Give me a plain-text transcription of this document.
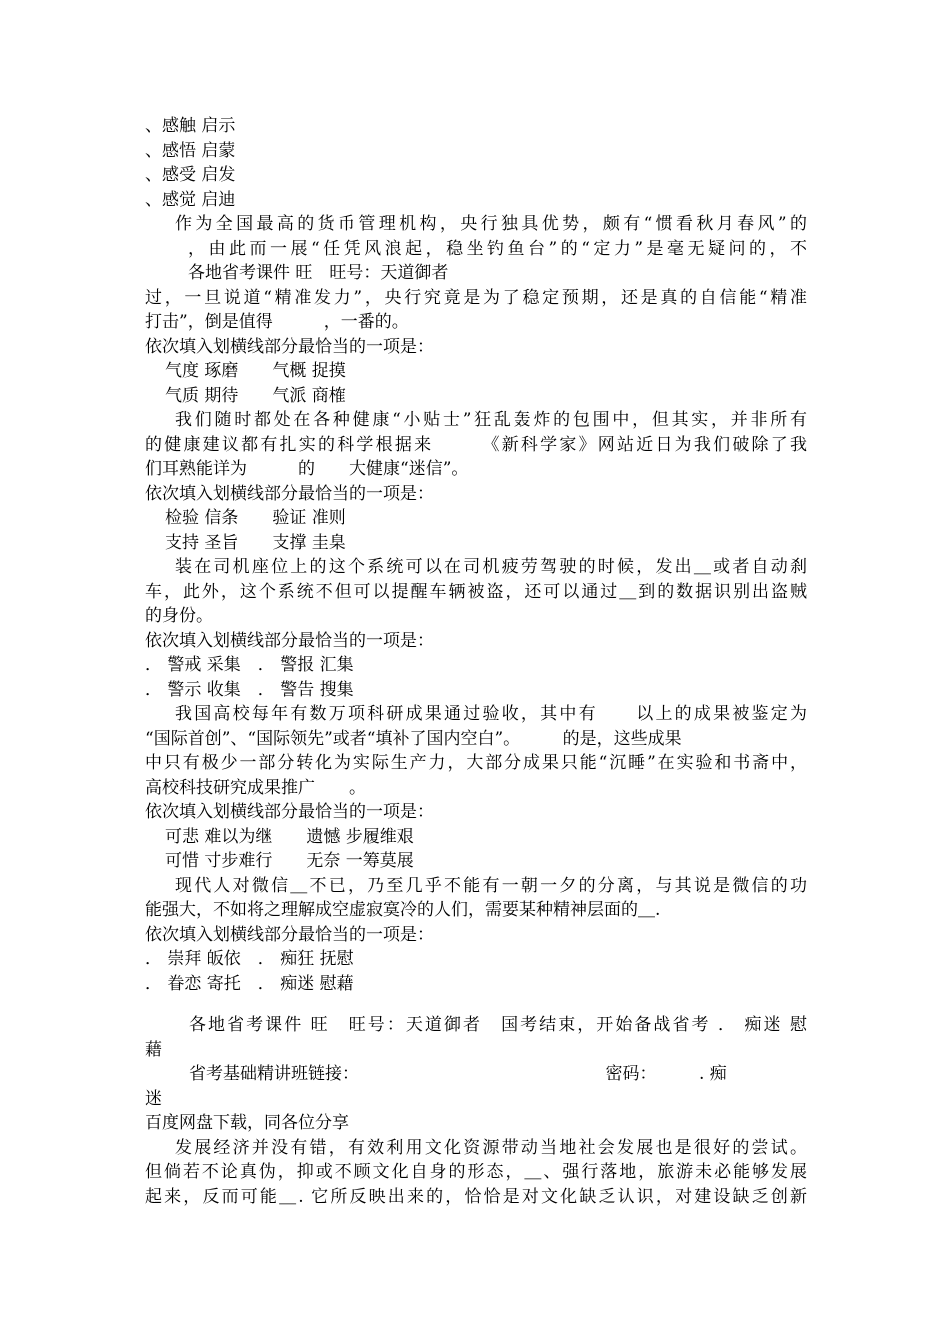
、感触 启示
、感悟 启蒙
、感受 启发
、感觉 启迪
作为全国最高的货币管理机构，央行独具优势，颇有“惯看秋月春风”的
，由此而一展“任凭风浪起，稳坐钓鱼台”的“定力”是毫无疑问的，不
各地省考课件 旺　旺号：天道御者
过，一旦说道“精准发力”，央行究竟是为了稳定预期，还是真的自信能“精准
打击”，倒是值得　　　，一番的。
依次填入划横线部分最恰当的一项是：
气度 琢磨　　气概 捉摸
气质 期待　　气派 商榷
我们随时都处在各种健康“小贴士”狂乱轰炸的包围中，但其实，并非所有
的健康建议都有扎实的科学根据来　　　《新科学家》网站近日为我们破除了我
们耳熟能详为　　　的　　大健康“迷信”。
依次填入划横线部分最恰当的一项是：
检验 信条　　验证 准则
支持 圣旨　　支撑 圭臬
装在司机座位上的这个系统可以在司机疲劳驾驶的时候，发出＿或者自动刹
车，此外，这个系统不但可以提醒车辆被盗，还可以通过＿到的数据识别出盗贼
的身份。
依次填入划横线部分最恰当的一项是：
． 警戒 采集　． 警报 汇集
． 警示 收集　． 警告 搜集
我国高校每年有数万项科研成果通过验收，其中有　　以上的成果被鉴定为
“国际首创”、“国际领先”或者“填补了国内空白”。　　　的是，这些成果
中只有极少一部分转化为实际生产力，大部分成果只能“沉睡”在实验和书斋中，
高校科技研究成果推广　　。
依次填入划横线部分最恰当的一项是：
可悲 难以为继　　遗憾 步履维艰
可惜 寸步难行　　无奈 一筹莫展
现代人对微信＿不已，乃至几乎不能有一朝一夕的分离，与其说是微信的功
能强大，不如将之理解成空虚寂寞冷的人们，需要某种精神层面的＿.
依次填入划横线部分最恰当的一项是：
． 崇拜 皈依　． 痴狂 抚慰
． 眷恋 寄托　． 痴迷 慰藉
各地省考课件 旺　旺号：天道御者　国考结束，开始备战省考 ． 痴迷 慰
藉
省考基础精讲班链接：　　　　　　　　　　　　　　　密码：　　　. 痴
迷
百度网盘下载，同各位分享
发展经济并没有错，有效利用文化资源带动当地社会发展也是很好的尝试。
但倘若不论真伪，抑或不顾文化自身的形态，＿、强行落地，旅游未必能够发展
起来，反而可能＿. 它所反映出来的，恰恰是对文化缺乏认识，对建设缺乏创新
